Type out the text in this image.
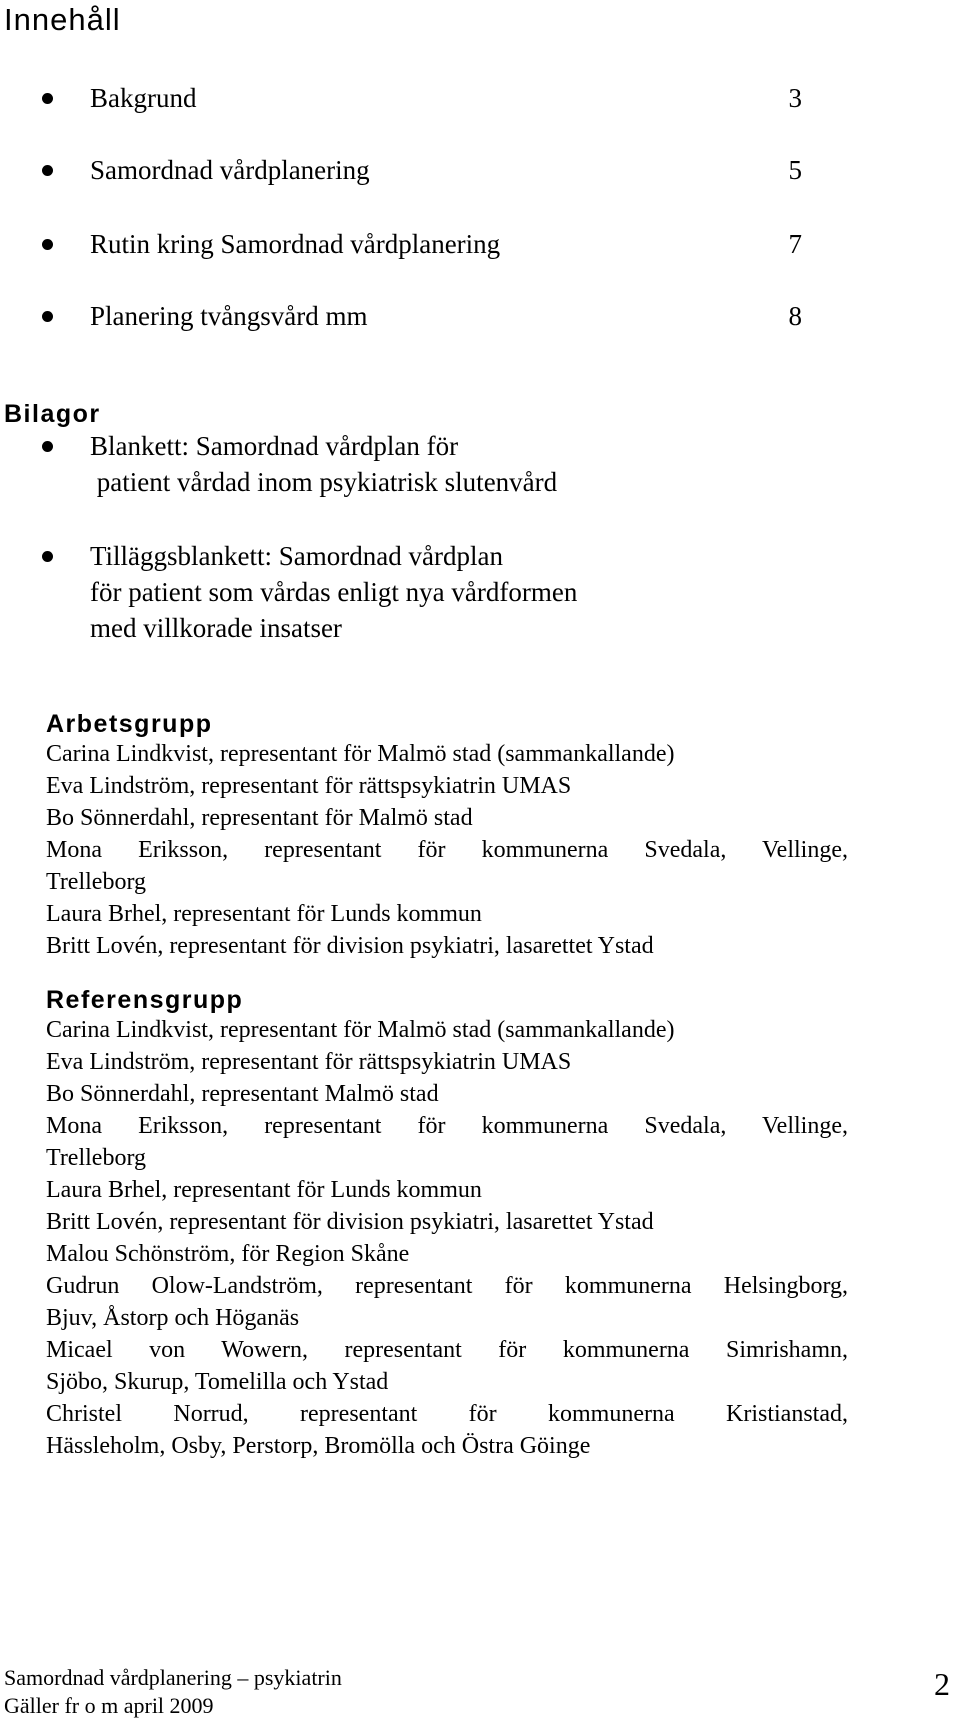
Innehåll
Bakgrund	3
Samordnad vårdplanering	5
Rutin kring Samordnad vårdplanering	7
Planering tvångsvård mm	8
Bilagor
Blankett: Samordnad vårdplan för
patient vårdad inom psykiatrisk slutenvård
Tilläggsblankett: Samordnad vårdplan
för patient som vårdas enligt nya vårdformen
med villkorade insatser
Arbetsgrupp
Carina Lindkvist, representant för Malmö stad (sammankallande)
Eva Lindström, representant för rättspsykiatrin UMAS
Bo Sönnerdahl, representant för Malmö stad
Mona Eriksson, representant för kommunerna Svedala, Vellinge,
Trelleborg
Laura Brhel, representant för Lunds kommun
Britt Lovén, representant för division psykiatri, lasarettet Ystad
Referensgrupp
Carina Lindkvist, representant för Malmö stad (sammankallande)
Eva Lindström, representant för rättspsykiatrin UMAS
Bo Sönnerdahl, representant Malmö stad
Mona Eriksson, representant för kommunerna Svedala, Vellinge,
Trelleborg
Laura Brhel, representant för Lunds kommun
Britt Lovén, representant för division psykiatri, lasarettet Ystad
Malou Schönström, för Region Skåne
Gudrun Olow-Landström, representant för kommunerna Helsingborg,
Bjuv, Åstorp och Höganäs
Micael von Wowern, representant för kommunerna Simrishamn,
Sjöbo, Skurup, Tomelilla och Ystad
Christel Norrud, representant för kommunerna Kristianstad,
Hässleholm, Osby, Perstorp, Bromölla och Östra Göinge
Samordnad vårdplanering – psykiatrin
Gäller fr o m april 2009
2
